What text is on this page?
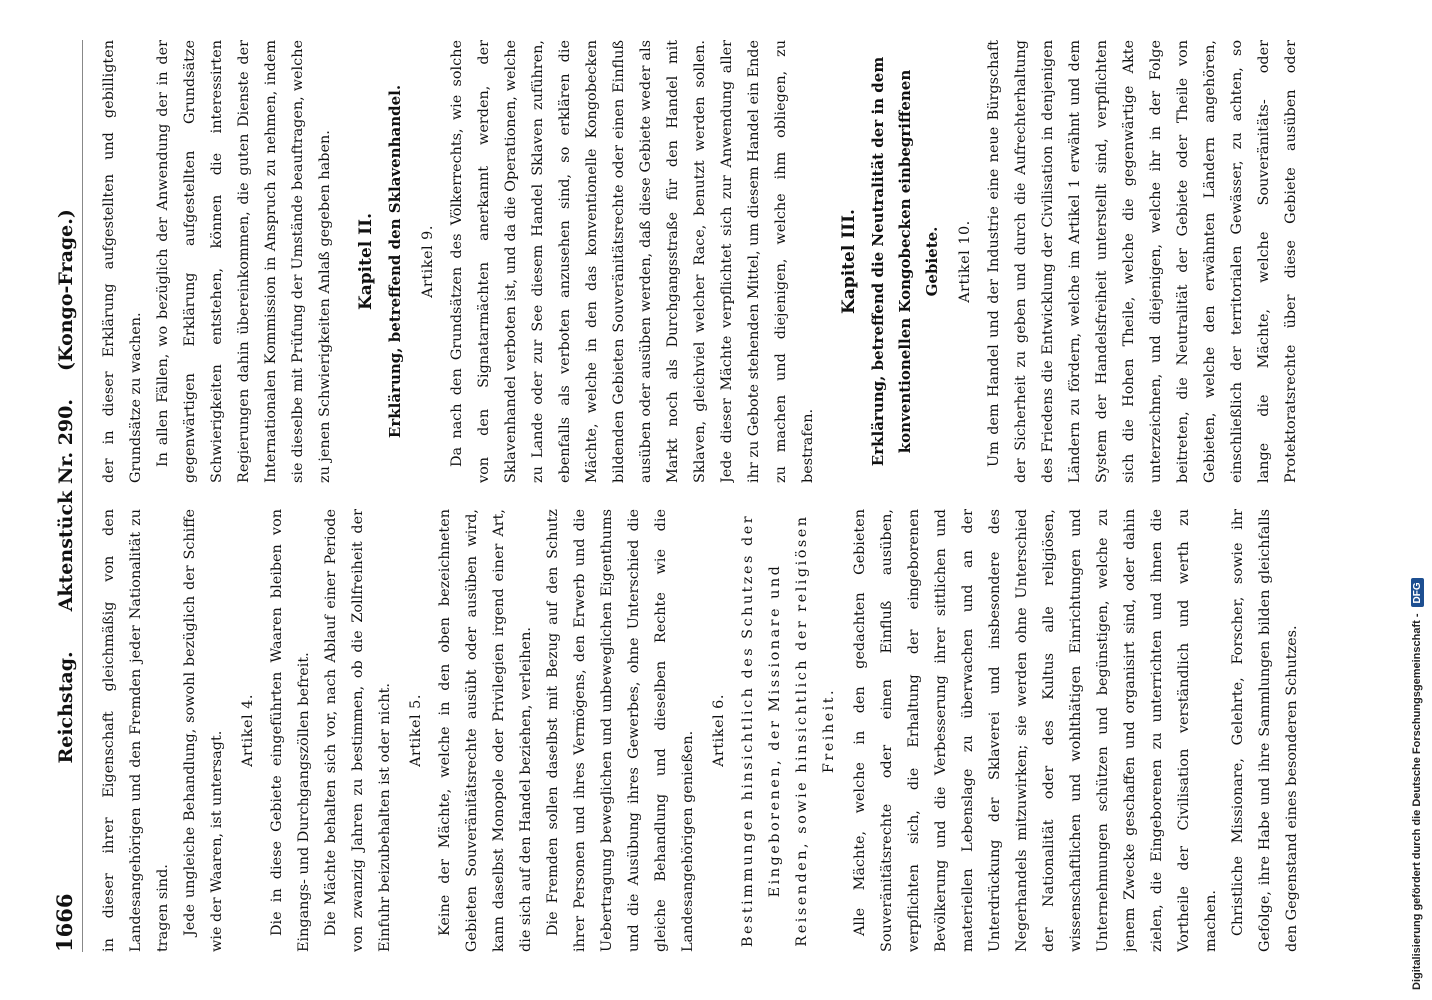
1666
Reichstag.
Aktenstück Nr. 290.
(Kongo-Frage.)

in dieser ihrer Eigenschaft gleichmäßig von den Landesangehörigen und den Fremden jeder Nationalität zu tragen sind. Jede ungleiche Behandlung, sowohl bezüglich der Schiffe wie der Waaren, ist untersagt.

Artikel 4. Die in diese Gebiete eingeführten Waaren bleiben von Eingangs- und Durchgangszöllen befreit. Die Mächte behalten sich vor, nach Ablauf einer Periode von zwanzig Jahren zu bestimmen, ob die Zollfreiheit der Einfuhr beizubehalten ist oder nicht.	Artikel 5. Keine der Mächte, welche in den oben bezeichneten Gebieten Souveränitätsrechte ausübt oder ausüben wird, kann daselbst Monopole oder Privilegien irgend einer Art, die sich auf den Handel beziehen, verleihen. Die Fremden sollen daselbst mit Bezug auf den Schutz ihrer Personen und ihres Vermögens, den Erwerb und die Uebertragung beweglichen und unbeweglichen Eigenthums und die Ausübung ihres Gewerbes, ohne Unterschied die gleiche Behandlung und dieselben Rechte wie die Landesangehörigen genießen.

Artikel 6. Bestimmungen hinsichtlich des Schutzes der Eingeborenen, der Missionare und Reisenden, sowie hinsichtlich der religiösen Freiheit.	Alle Mächte, welche in den gedachten Gebieten Souveränitätsrechte oder einen Einfluß ausüben, verpflichten sich, die Erhaltung der eingeborenen Bevölkerung und die Verbesserung ihrer sittlichen und materiellen Lebenslage zu überwachen und an der Unterdrückung der Sklaverei und insbesondere des Negerhandels mitzuwirken; sie werden ohne Unterschied der Nationalität oder des Kultus alle religiösen, wissenschaftlichen und wohlthätigen Einrichtungen und Unternehmungen schützen und begünstigen, welche zu jenem Zwecke geschaffen und organisirt sind, oder dahin zielen, die Eingeborenen zu unterrichten und ihnen die Vortheile der Civilisation verständlich und werth zu machen. Christliche Missionare, Gelehrte, Forscher, sowie ihr Gefolge, ihre Habe und ihre Sammlungen bilden gleichfalls den Gegenstand eines besonderen Schutzes.

der in dieser Erklärung aufgestellten und gebilligten Grundsätze zu wachen. In allen Fällen, wo bezüglich der Anwendung der in der gegenwärtigen Erklärung aufgestellten Grundsätze Schwierigkeiten entstehen, können die interessirten Regierungen dahin übereinkommen, die guten Dienste der Internationalen Kommission in Anspruch zu nehmen, indem sie dieselbe mit Prüfung der Umstände beauftragen, welche zu jenen Schwierigkeiten Anlaß gegeben haben.	Kapitel II. Erklärung, betreffend den Sklavenhandel.	Artikel 9. Da nach den Grundsätzen des Völkerrechts, wie solche von den Signatarmächten anerkannt werden, der Sklavenhandel verboten ist, und da die Operationen, welche zu Lande oder zur See diesem Handel Sklaven zuführen, ebenfalls als verboten anzusehen sind, so erklären die Mächte, welche in den das konventionelle Kongobecken bildenden Gebieten Souveränitätsrechte oder einen Einfluß ausüben oder ausüben werden, daß diese Gebiete weder als Markt noch als Durchgangsstraße für den Handel mit Sklaven, gleichviel welcher Race, benutzt werden sollen. Jede dieser Mächte verpflichtet sich zur Anwendung aller ihr zu Gebote stehenden Mittel, um diesem Handel ein Ende zu machen und diejenigen, welche ihm obliegen, zu bestrafen.

Kapitel III. Erklärung, betreffend die Neutralität der in dem konventionellen Kongobecken einbegriffenen Gebiete.	Artikel 10.

Um dem Handel und der Industrie eine neue Bürgschaft der Sicherheit zu geben und durch die Aufrechterhaltung des Friedens die Entwicklung der Civilisation in denjenigen Ländern zu fördern, welche im Artikel 1 erwähnt und dem System der Handelsfreiheit unterstellt sind, verpflichten sich die Hohen Theile, welche die gegenwärtige Akte unterzeichnen, und diejenigen, welche ihr in der Folge beitreten, die Neutralität der Gebiete oder Theile von Gebieten, welche den erwähnten Ländern angehören, einschließlich der territorialen Gewässer, zu achten, so lange die Mächte, welche Souveränitäts- oder Protektoratsrechte über diese Gebiete ausüben oder

Digitalisierung gefördert durch die Deutsche Forschungsgemeinschaft -
DFG
